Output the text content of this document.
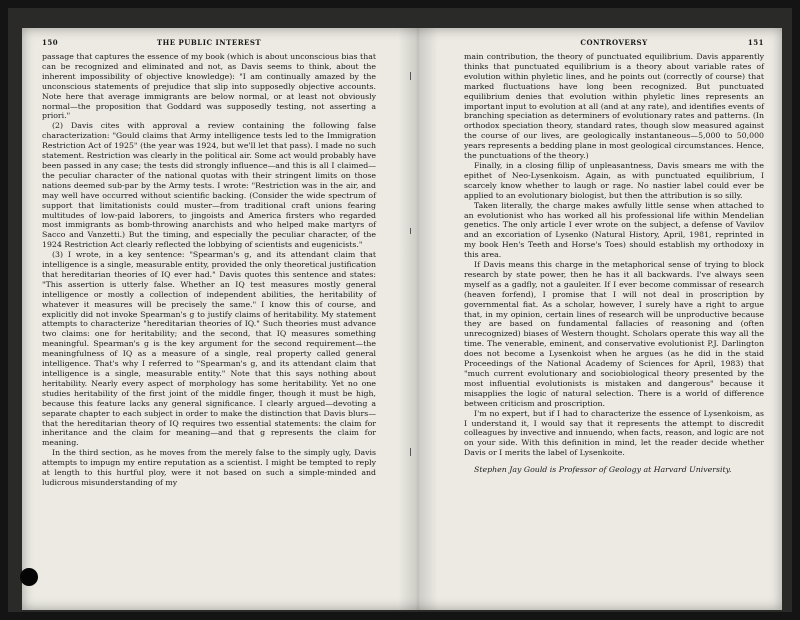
150	THE PUBLIC INTEREST

passage that captures the essence of my book (which is about unconscious bias that can be recognized and eliminated and not, as Davis seems to think, about the inherent impossibility of objective knowledge): "I am continually amazed by the unconscious statements of prejudice that slip into supposedly objective accounts. Note here that average immigrants are below normal, or at least not obviously normal—the proposition that Goddard was supposedly testing, not asserting a priori."

(2) Davis cites with approval a review containing the following false characterization: "Gould claims that Army intelligence tests led to the Immigration Restriction Act of 1925" (the year was 1924, but we'll let that pass). I made no such statement. Restriction was clearly in the political air. Some act would probably have been passed in any case; the tests did strongly influence—and this is all I claimed—the peculiar character of the national quotas with their stringent limits on those nations deemed sub-par by the Army tests. I wrote: "Restriction was in the air, and may well have occurred without scientific backing. (Consider the wide spectrum of support that limitationists could muster—from traditional craft unions fearing multitudes of low-paid laborers, to jingoists and America firsters who regarded most immigrants as bomb-throwing anarchists and who helped make martyrs of Sacco and Vanzetti.) But the timing, and especially the peculiar character, of the 1924 Restriction Act clearly reflected the lobbying of scientists and eugenicists."

(3) I wrote, in a key sentence: "Spearman's g, and its attendant claim that intelligence is a single, measurable entity, provided the only theoretical justification that hereditarian theories of IQ ever had." Davis quotes this sentence and states: "This assertion is utterly false. Whether an IQ test measures mostly general intelligence or mostly a collection of independent abilities, the heritability of whatever it measures will be precisely the same." I know this of course, and explicitly did not invoke Spearman's g to justify claims of heritability. My statement attempts to characterize "hereditarian theories of IQ." Such theories must advance two claims: one for heritability; and the second, that IQ measures something meaningful. Spearman's g is the key argument for the second requirement—the meaningfulness of IQ as a measure of a single, real property called general intelligence. That's why I referred to "Spearman's g, and its attendant claim that intelligence is a single, measurable entity." Note that this says nothing about heritability. Nearly every aspect of morphology has some heritability. Yet no one studies heritability of the first joint of the middle finger, though it must be high, because this feature lacks any general significance. I clearly argued—devoting a separate chapter to each subject in order to make the distinction that Davis blurs—that the hereditarian theory of IQ requires two essential statements: the claim for inheritance and the claim for meaning—and that g represents the claim for meaning.

In the third section, as he moves from the merely false to the simply ugly, Davis attempts to impugn my entire reputation as a scientist. I might be tempted to reply at length to this hurtful ploy, were it not based on such a simple-minded and ludicrous misunderstanding of my

CONTROVERSY	151

main contribution, the theory of punctuated equilibrium. Davis apparently thinks that punctuated equilibrium is a theory about variable rates of evolution within phyletic lines, and he points out (correctly of course) that marked fluctuations have long been recognized. But punctuated equilibrium denies that evolution within phyletic lines represents an important input to evolution at all (and at any rate), and identifies events of branching speciation as determiners of evolutionary rates and patterns. (In orthodox speciation theory, standard rates, though slow measured against the course of our lives, are geologically instantaneous—5,000 to 50,000 years represents a bedding plane in most geological circumstances. Hence, the punctuations of the theory.)

Finally, in a closing fillip of unpleasantness, Davis smears me with the epithet of Neo-Lysenkoism. Again, as with punctuated equilibrium, I scarcely know whether to laugh or rage. No nastier label could ever be applied to an evolutionary biologist, but then the attribution is so silly.

Taken literally, the charge makes awfully little sense when attached to an evolutionist who has worked all his professional life within Mendelian genetics. The only article I ever wrote on the subject, a defense of Vavilov and an excoriation of Lysenko (Natural History, April, 1981, reprinted in my book Hen's Teeth and Horse's Toes) should establish my orthodoxy in this area.

If Davis means this charge in the metaphorical sense of trying to block research by state power, then he has it all backwards. I've always seen myself as a gadfly, not a gauleiter. If I ever become commissar of research (heaven forfend), I promise that I will not deal in proscription by governmental fiat. As a scholar, however, I surely have a right to argue that, in my opinion, certain lines of research will be unproductive because they are based on fundamental fallacies of reasoning and (often unrecognized) biases of Western thought. Scholars operate this way all the time. The venerable, eminent, and conservative evolutionist P.J. Darlington does not become a Lysenkoist when he argues (as he did in the staid Proceedings of the National Academy of Sciences for April, 1983) that "much current evolutionary and sociobiological theory presented by the most influential evolutionists is mistaken and dangerous" because it misapplies the logic of natural selection. There is a world of difference between criticism and proscription.

I'm no expert, but if I had to characterize the essence of Lysenkoism, as I understand it, I would say that it represents the attempt to discredit colleagues by invective and innuendo, when facts, reason, and logic are not on your side. With this definition in mind, let the reader decide whether Davis or I merits the label of Lysenkoite.

Stephen Jay Gould is Professor of Geology at Harvard University.
